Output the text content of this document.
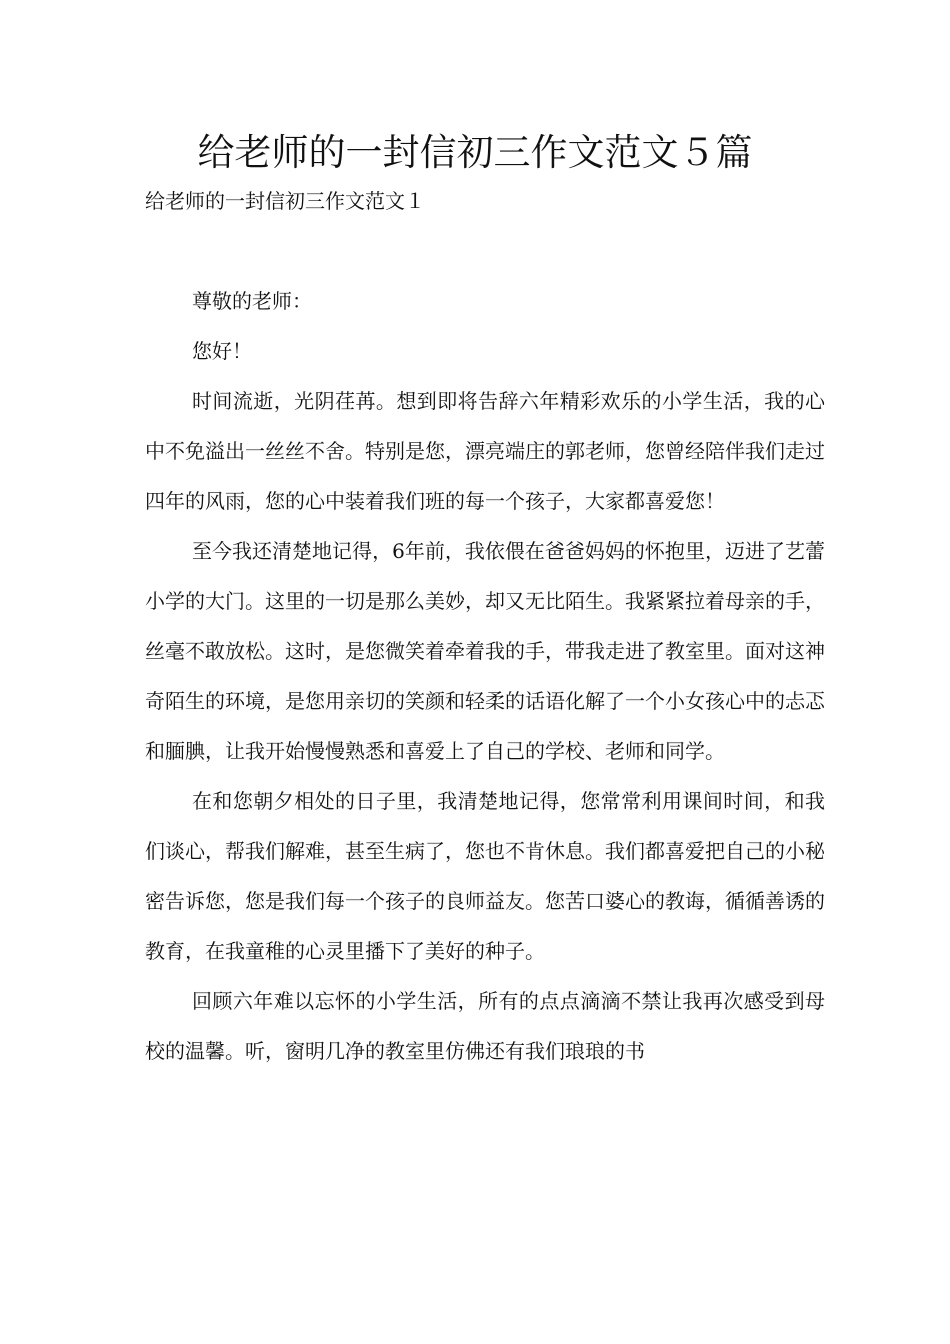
给老师的一封信初三作文范文５篇

给老师的一封信初三作文范文１

尊敬的老师：

您好！

时间流逝，光阴荏苒。想到即将告辞六年精彩欢乐的小学生活，我的心中不免溢出一丝丝不舍。特别是您，漂亮端庄的郭老师，您曾经陪伴我们走过四年的风雨，您的心中装着我们班的每一个孩子，大家都喜爱您！

至今我还清楚地记得，6年前，我依偎在爸爸妈妈的怀抱里，迈进了艺蕾小学的大门。这里的一切是那么美妙，却又无比陌生。我紧紧拉着母亲的手，丝毫不敢放松。这时，是您微笑着牵着我的手，带我走进了教室里。面对这神奇陌生的环境，是您用亲切的笑颜和轻柔的话语化解了一个小女孩心中的忐忑和腼腆，让我开始慢慢熟悉和喜爱上了自己的学校、老师和同学。

在和您朝夕相处的日子里，我清楚地记得，您常常利用课间时间，和我们谈心，帮我们解难，甚至生病了，您也不肯休息。我们都喜爱把自己的小秘密告诉您，您是我们每一个孩子的良师益友。您苦口婆心的教诲，循循善诱的教育，在我童稚的心灵里播下了美好的种子。

回顾六年难以忘怀的小学生活，所有的点点滴滴不禁让我再次感受到母校的温馨。听，窗明几净的教室里仿佛还有我们琅琅的书
